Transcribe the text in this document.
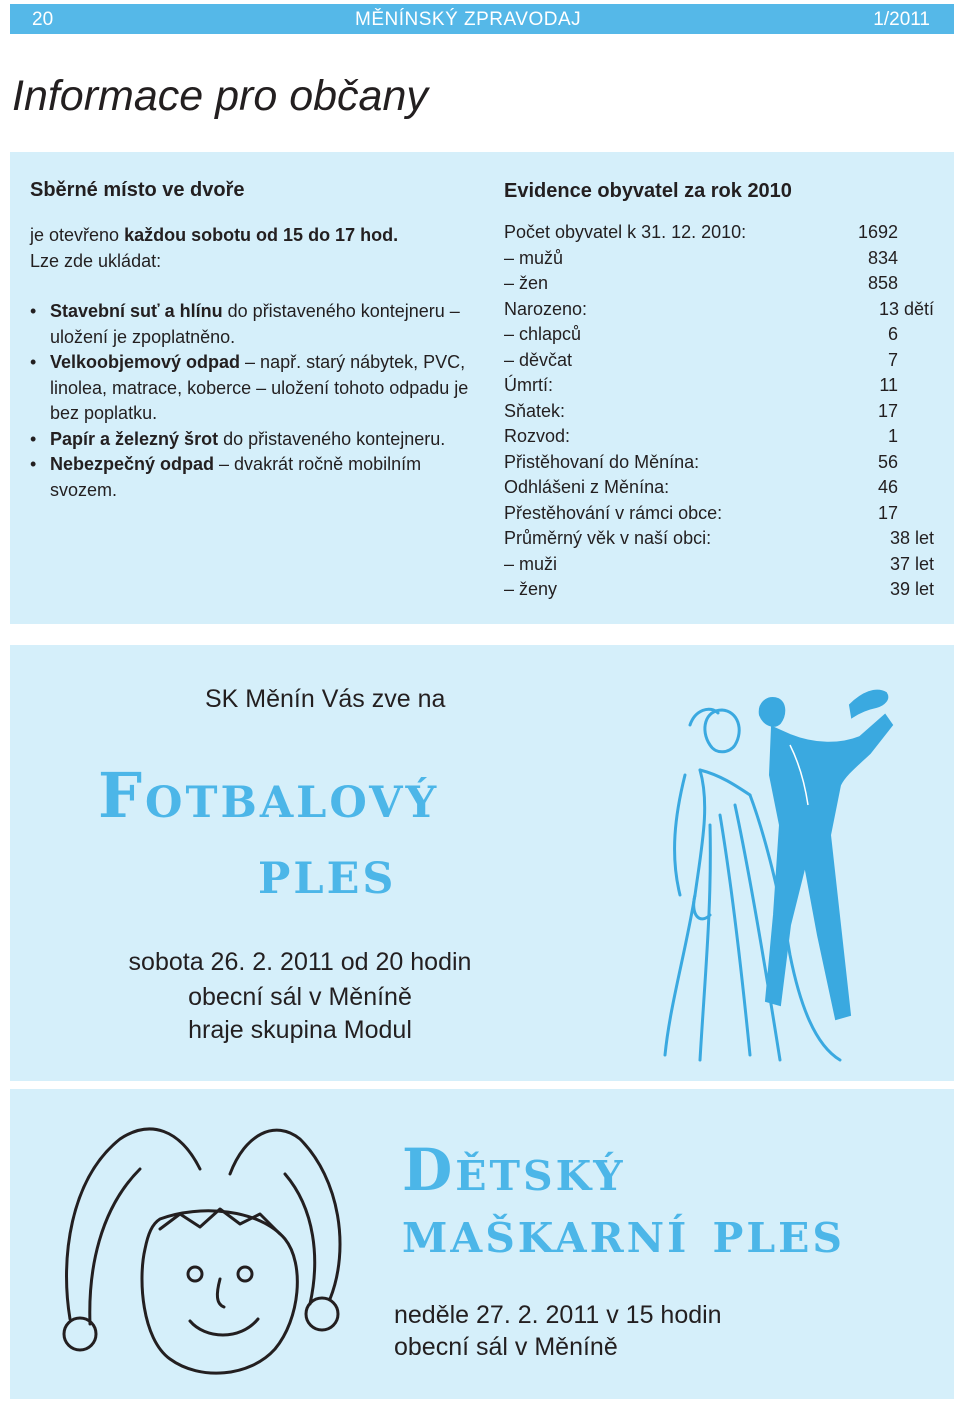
20	MĚNÍNSKÝ ZPRAVODAJ	1/2011
Informace pro občany
Sběrné místo ve dvoře

je otevřeno každou sobotu od 15 do 17 hod.
Lze zde ukládat:

• Stavební suť a hlínu do přistaveného kontejneru – uložení je zpoplatněno.
• Velkoobjemový odpad – např. starý nábytek, PVC, linolea, matrace, koberce – uložení tohoto odpadu je bez poplatku.
• Papír a železný šrot do přistaveného kontejneru.
• Nebezpečný odpad – dvakrát ročně mobilním svozem.
Evidence obyvatel za rok 2010
Počet obyvatel k 31. 12. 2010:	1692
– mužů	834
– žen	858
Narozeno:	13 dětí
– chlapců	6
– děvčat	7
Úmrtí:	11
Sňatek:	17
Rozvod:	1
Přistěhovaní do Měnína:	56
Odhlášeni z Měnína:	46
Přestěhování v rámci obce:	17
Průměrný věk v naší obci:	38 let
– muži	37 let
– ženy	39 let
SK Měnín Vás zve na
Fotbalový
ples
sobota 26. 2. 2011 od 20 hodin
obecní sál v Měníně
hraje skupina Modul
Dětský
maškarní ples
neděle 27. 2. 2011 v 15 hodin
obecní sál v Měníně
